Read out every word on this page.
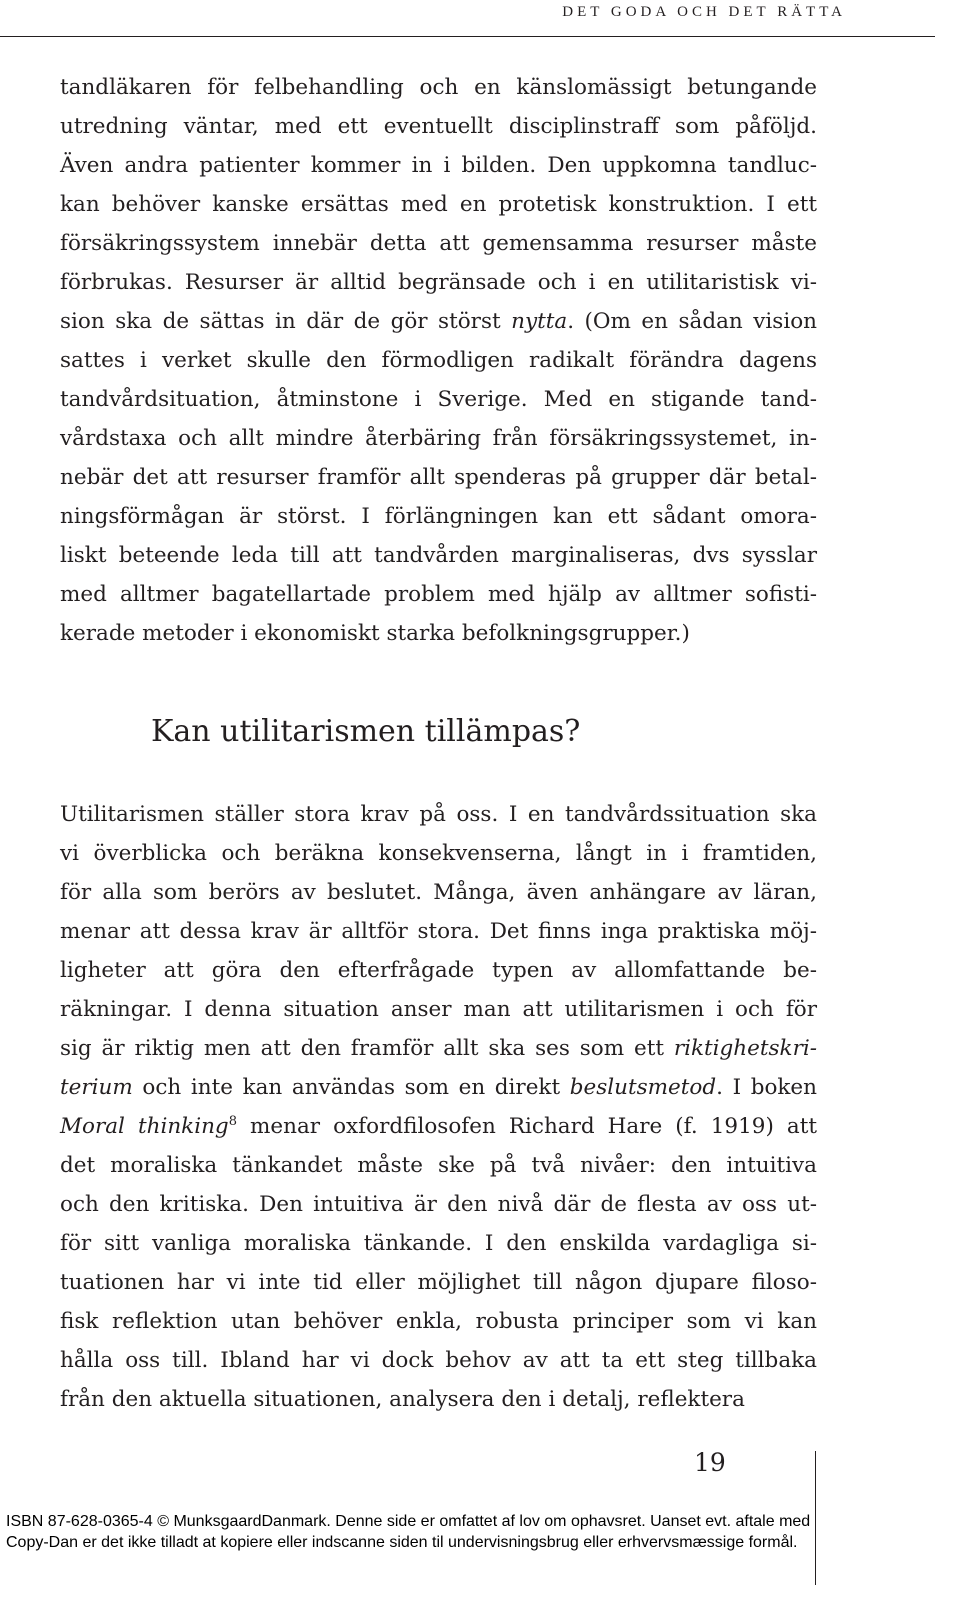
DET GODA OCH DET RÄTTA
tandläkaren för felbehandling och en känslomässigt betungande
utredning väntar, med ett eventuellt disciplinstraff som påföljd.
Även andra patienter kommer in i bilden. Den uppkomna tandluc-
kan behöver kanske ersättas med en protetisk konstruktion. I ett
försäkringssystem innebär detta att gemensamma resurser måste
förbrukas. Resurser är alltid begränsade och i en utilitaristisk vi-
sion ska de sättas in där de gör störst nytta. (Om en sådan vision
sattes i verket skulle den förmodligen radikalt förändra dagens
tandvårdsituation, åtminstone i Sverige. Med en stigande tand-
vårdstaxa och allt mindre återbäring från försäkringssystemet, in-
nebär det att resurser framför allt spenderas på grupper där betal-
ningsförmågan är störst. I förlängningen kan ett sådant omora-
liskt beteende leda till att tandvården marginaliseras, dvs sysslar
med alltmer bagatellartade problem med hjälp av alltmer sofisti-
kerade metoder i ekonomiskt starka befolkningsgrupper.)
Kan utilitarismen tillämpas?
Utilitarismen ställer stora krav på oss. I en tandvårdssituation ska
vi överblicka och beräkna konsekvenserna, långt in i framtiden,
för alla som berörs av beslutet. Många, även anhängare av läran,
menar att dessa krav är alltför stora. Det finns inga praktiska möj-
ligheter att göra den efterfrågade typen av allomfattande be-
räkningar. I denna situation anser man att utilitarismen i och för
sig är riktig men att den framför allt ska ses som ett riktighetskri-
terium och inte kan användas som en direkt beslutsmetod. I boken
Moral thinking$^8$ menar oxfordfilosofen Richard Hare (f. 1919) att
det moraliska tänkandet måste ske på två nivåer: den intuitiva
och den kritiska. Den intuitiva är den nivå där de flesta av oss ut-
för sitt vanliga moraliska tänkande. I den enskilda vardagliga si-
tuationen har vi inte tid eller möjlighet till någon djupare filoso-
fisk reflektion utan behöver enkla, robusta principer som vi kan
hålla oss till. Ibland har vi dock behov av att ta ett steg tillbaka
från den aktuella situationen, analysera den i detalj, reflektera
19
ISBN 87-628-0365-4 © MunksgaardDanmark. Denne side er omfattet af lov om ophavsret. Uanset evt. aftale med
Copy-Dan er det ikke tilladt at kopiere eller indscanne siden til undervisningsbrug eller erhvervsmæssige formål.
